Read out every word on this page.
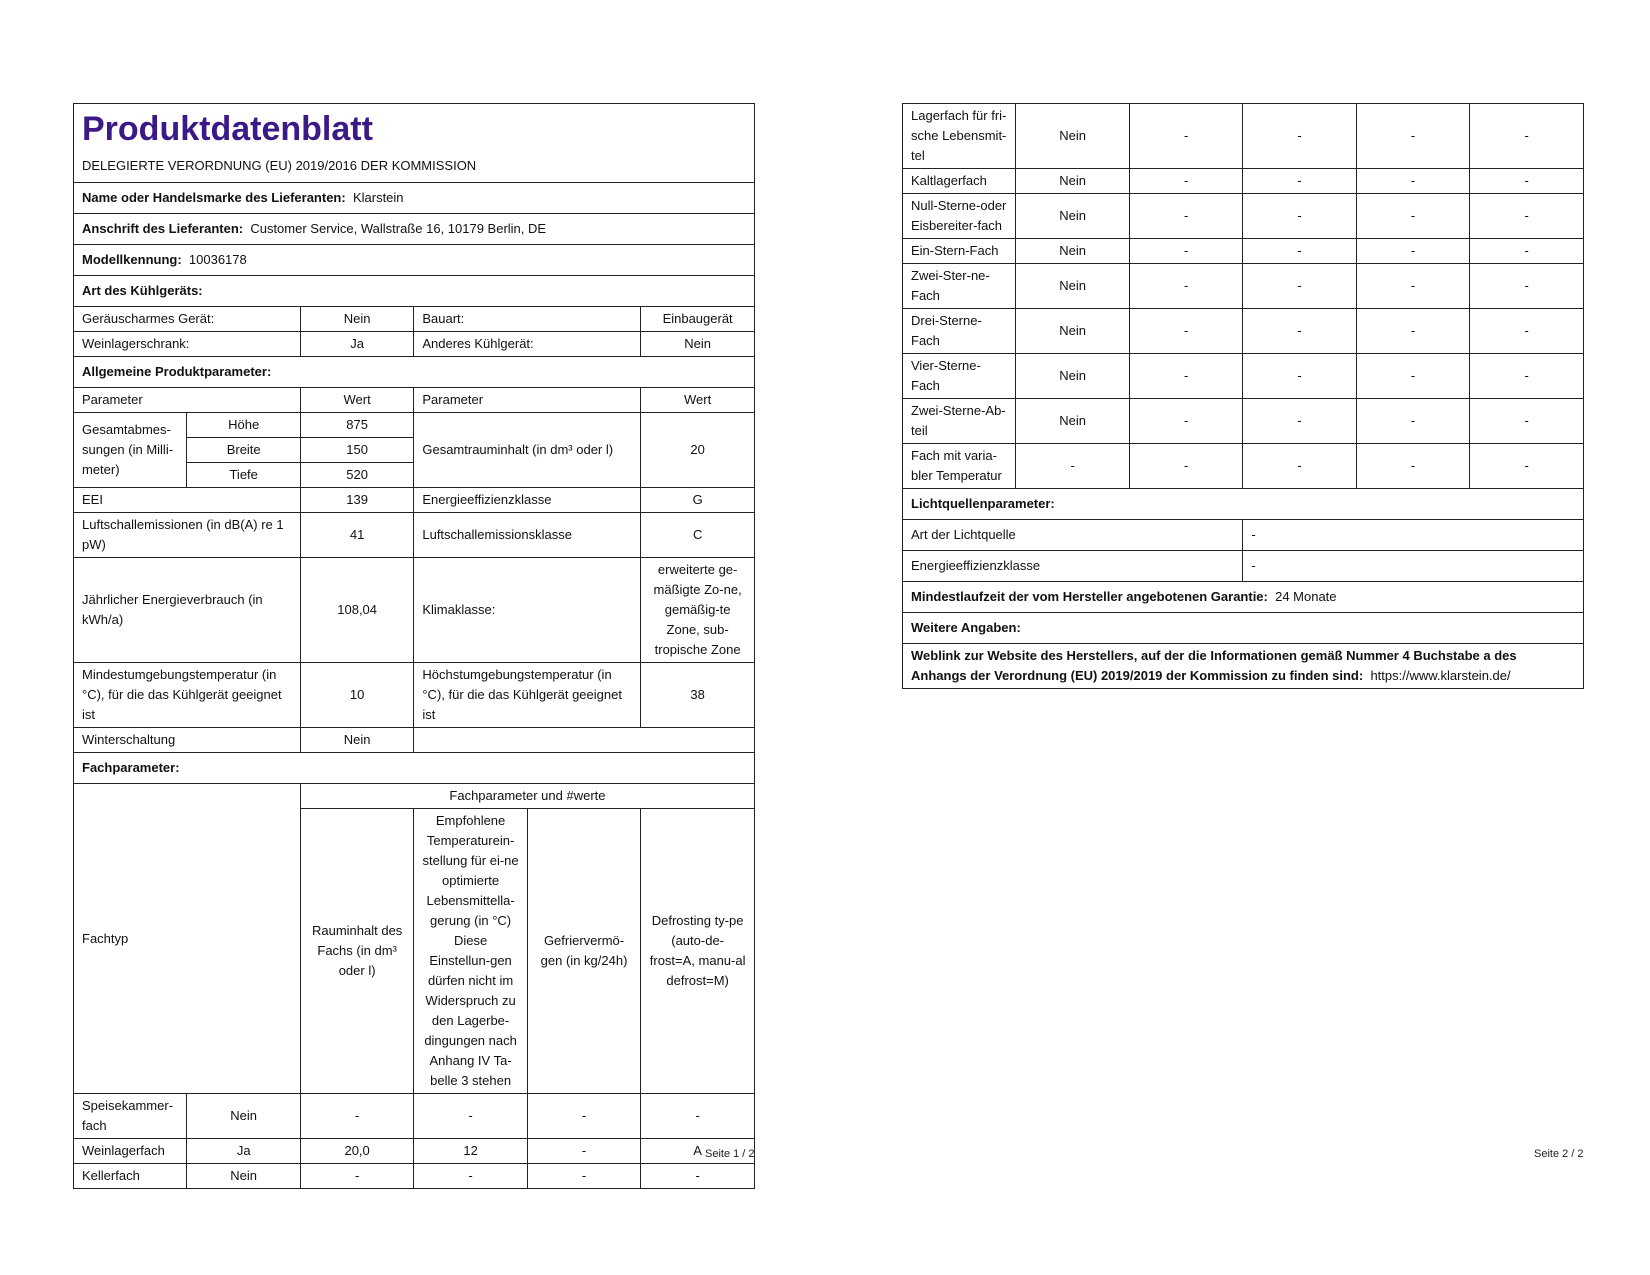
Produktdatenblatt
DELEGIERTE VERORDNUNG (EU) 2019/2016 DER KOMMISSION					

Name oder Handelsmarke des Lieferanten: Klarstein					
Anschrift des Lieferanten: Customer Service, Wallstraße 16, 10179 Berlin, DE					
Modellkennung: 10036178					
Art des Kühlgeräts:					
Geräuscharmes Gerät:		Nein	Bauart:		Einbaugerät
Weinlagerschrank:		Ja	Anderes Kühlgerät:		Nein
Allgemeine Produktparameter:					
Parameter		Wert	Parameter		Wert
Gesamtabmes-sungen (in Milli-meter)	Höhe	875	Gesamtrauminhalt (in dm³ oder l)		20
	Breite	150			
	Tiefe	520			
EEI		139	Energieeffizienzklasse		G
Luftschallemissionen (in dB(A) re 1 pW)		41	Luftschallemissionsklasse		C
Jährlicher Energieverbrauch (in kWh/a)		108,04	Klimaklasse:		erweiterte ge-mäßigte Zo-ne, gemäßig-te Zone, sub-tropische Zone
Mindestumgebungstemperatur (in °C), für die das Kühlgerät geeignet ist		10	Höchstumgebungstemperatur (in °C), für die das Kühlgerät geeignet ist		38
Winterschaltung		Nein			
Fachparameter:					
Fachtyp		Fachparameter und #werte			
		Rauminhalt des Fachs (in dm³ oder l)	Empfohlene Temperaturein-stellung für ei-ne optimierte Lebensmittella-gerung (in °C) Diese Einstellun-gen dürfen nicht im Widerspruch zu den Lagerbe-dingungen nach Anhang IV Ta-belle 3 stehen	Gefriervermö-gen (in kg/24h)	Defrosting ty-pe (auto-de-frost=A, manu-al defrost=M)
Speisekammer-fach	Nein	-	-	-	-
Weinlagerfach	Ja	20,0	12	-	A
Kellerfach	Nein	-	-	-	-
Seite 1 / 2
Lagerfach für fri-sche Lebensmit-tel	Nein	-	-	-	-
Kaltlagerfach	Nein	-	-	-	-
Null-Sterne-oder Eisbereiter-fach	Nein	-	-	-	-
Ein-Stern-Fach	Nein	-	-	-	-
Zwei-Ster-ne-Fach	Nein	-	-	-	-
Drei-Sterne-Fach	Nein	-	-	-	-
Vier-Sterne-Fach	Nein	-	-	-	-
Zwei-Sterne-Ab-teil	Nein	-	-	-	-
Fach mit varia-bler Temperatur	-	-	-	-	-
Lichtquellenparameter:					
Art der Lichtquelle			-		
Energieeffizienzklasse			-		
Mindestlaufzeit der vom Hersteller angebotenen Garantie: 24 Monate					
Weitere Angaben:					
Weblink zur Website des Herstellers, auf der die Informationen gemäß Nummer 4 Buchstabe a des Anhangs der Verordnung (EU) 2019/2019 der Kommission zu finden sind: https://www.klarstein.de/					
Seite 2 / 2
